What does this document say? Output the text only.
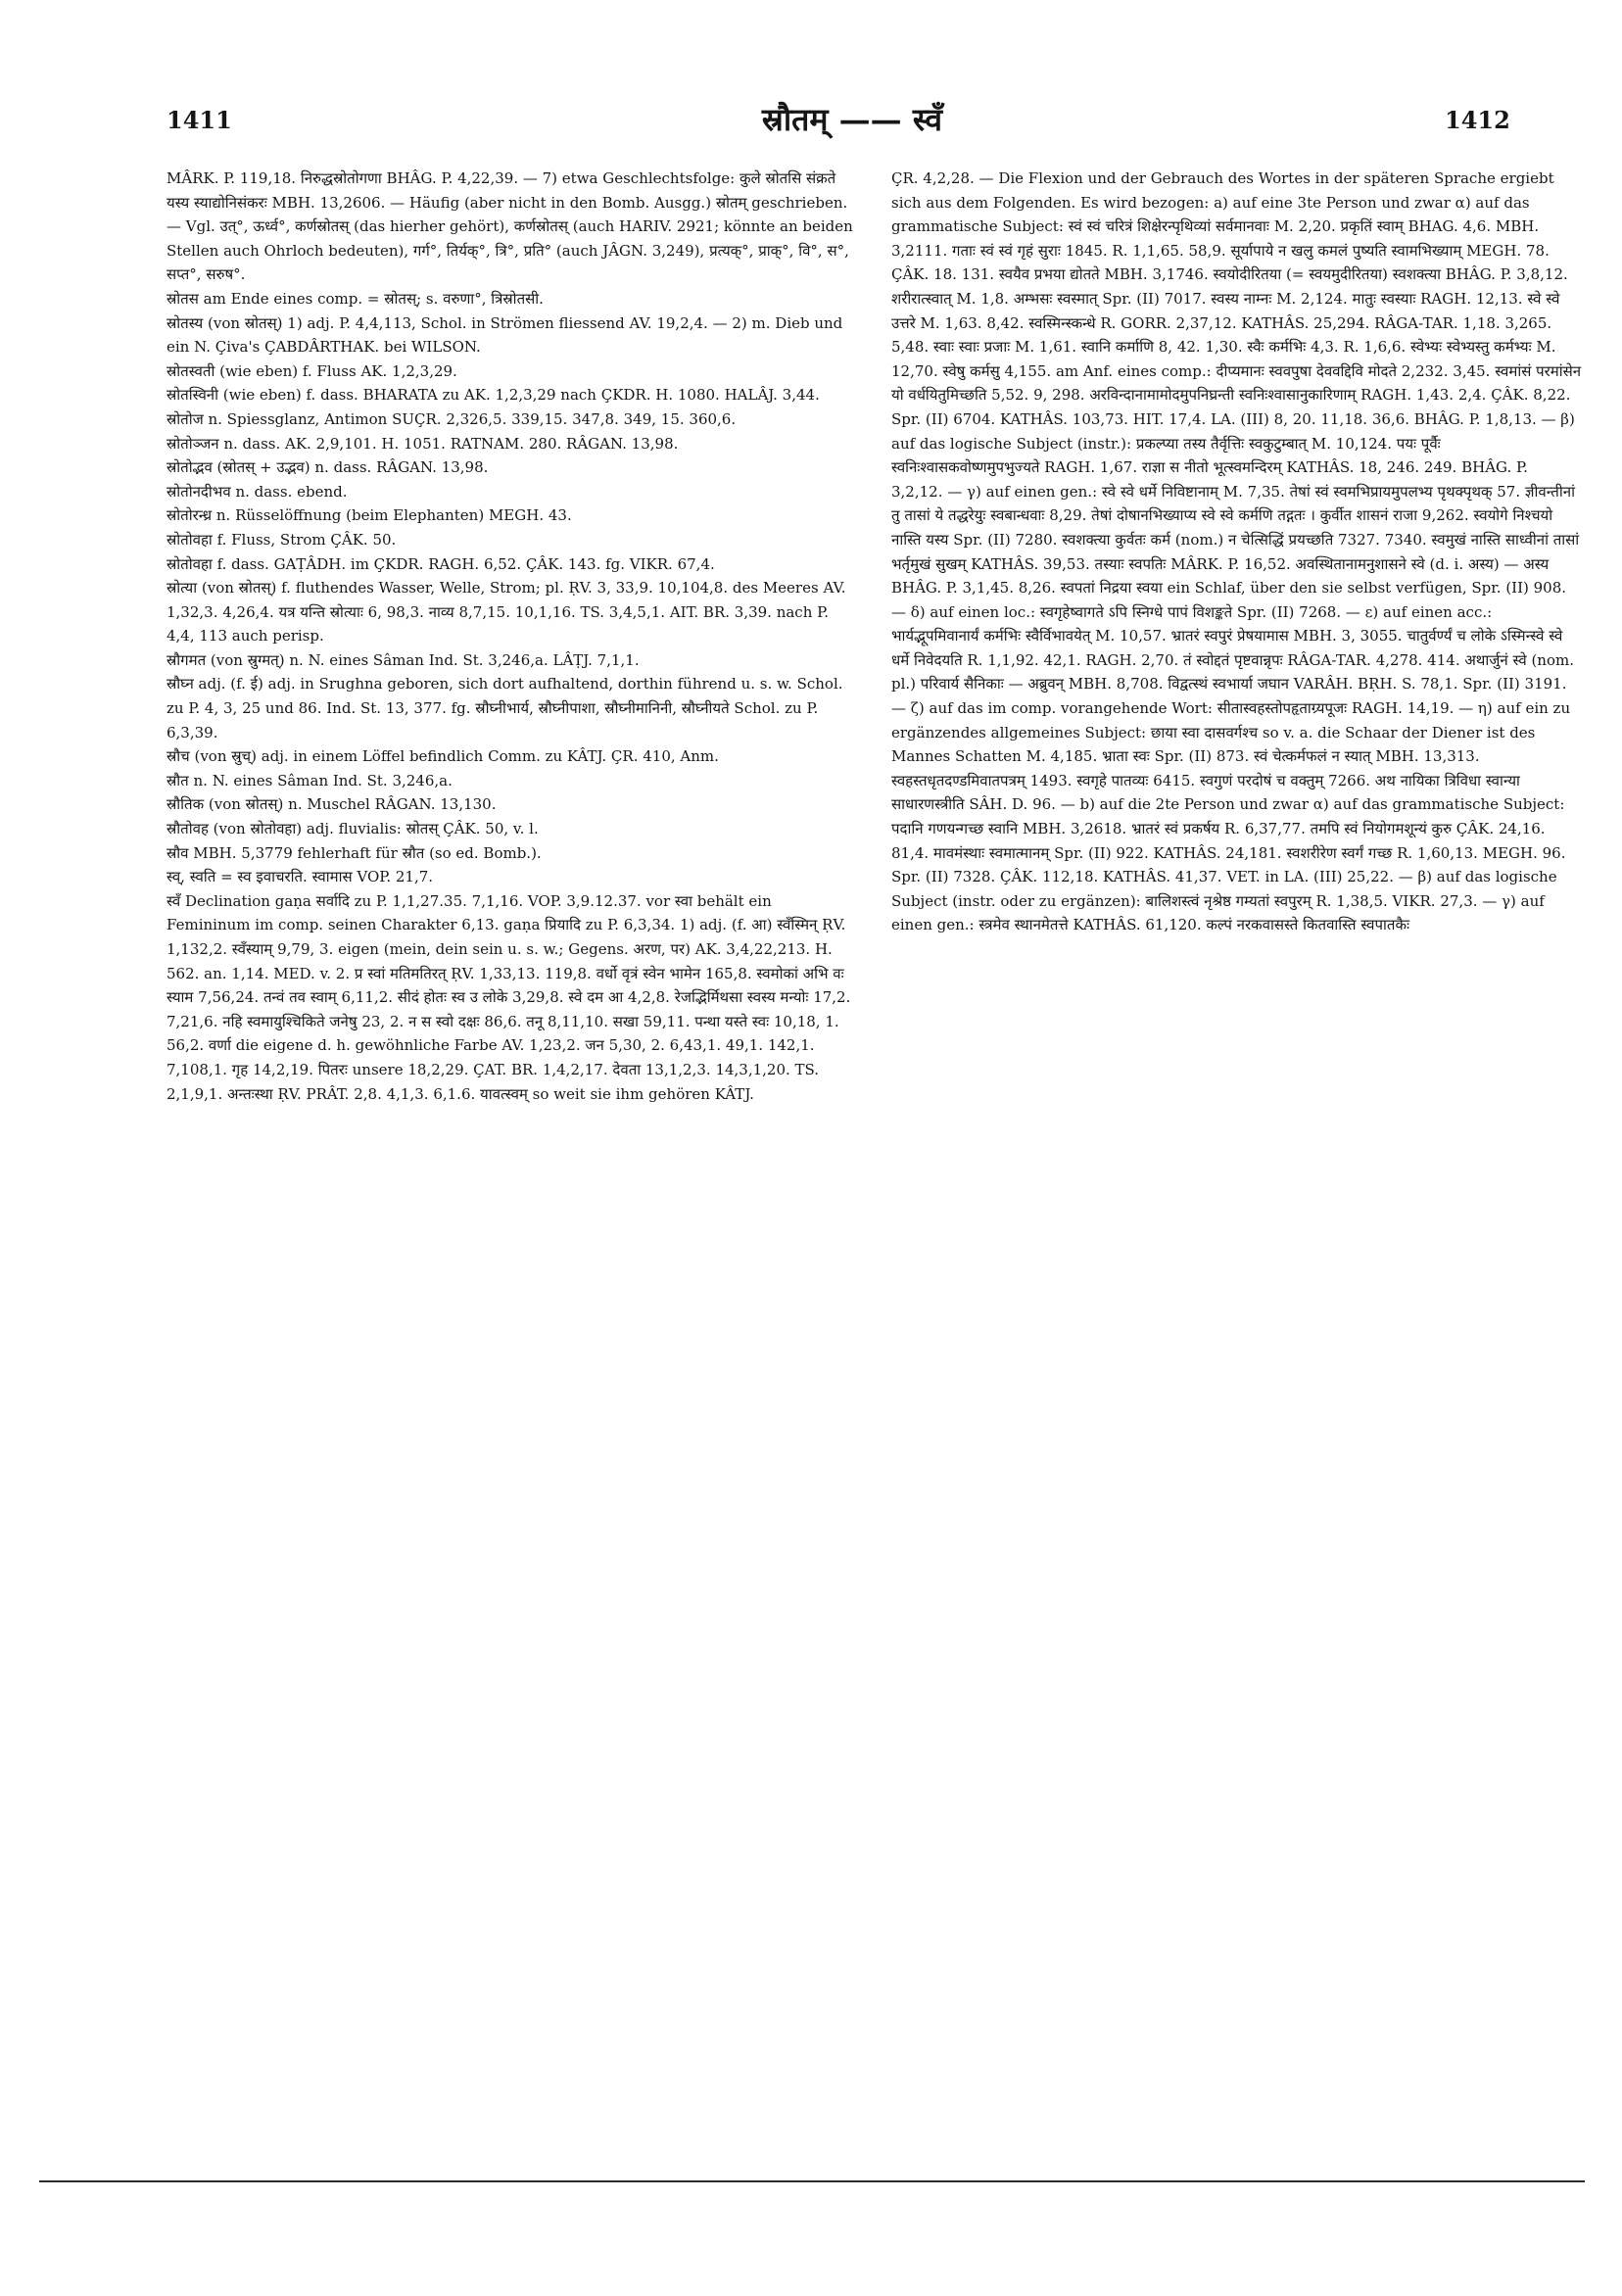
1411	स्रौतम् —— स्वँ	1412

MÂRK. P. 119,18. निरुद्धस्रोतोगणा BHÂG. P. 4,22,39. — 7) etwa Geschlechtsfolge: कुले स्रोतसि संक्रते यस्य स्याद्योनिसंकरः MBH. 13,2606. — Häufig (aber nicht in den Bomb. Ausgg.) स्रोतम् geschrieben. — Vgl. उत्°, ऊर्ध्व°, कर्णस्रोतस् (das hierher gehört), कर्णस्रोतस् (auch HARIV. 2921; könnte an beiden Stellen auch Ohrloch bedeuten), गर्ग°, तिर्यक्°, त्रि°, प्रति° (auch JÂGN. 3,249), प्रत्यक्°, प्राक्°, वि°, स°, सप्त°, सरुष°.

स्रोतस am Ende eines comp. = स्रोतस्; s. वरुणा°, त्रिस्रोतसी.

स्रोतस्य (von स्रोतस्) 1) adj. P. 4,4,113, Schol. in Strömen fliessend AV. 19,2,4. — 2) m. Dieb und ein N. Çiva's ÇABDÂRTHAK. bei WILSON.

स्रोतस्वती (wie eben) f. Fluss AK. 1,2,3,29.

स्रोतस्विनी (wie eben) f. dass. BHARATA zu AK. 1,2,3,29 nach ÇKDR. H. 1080. HALÂJ. 3,44.

स्रोतोज n. Spiessglanz, Antimon SUÇR. 2,326,5. 339,15. 347,8. 349, 15. 360,6.

स्रोतोञ्जन n. dass. AK. 2,9,101. H. 1051. RATNAM. 280. RÂGAN. 13,98.

स्रोतोद्भव (स्रोतस् + उद्भव) n. dass. RÂGAN. 13,98.

स्रोतोनदीभव n. dass. ebend.

स्रोतोरन्ध्र n. Rüsselöffnung (beim Elephanten) MEGH. 43.

स्रोतोवहा f. Fluss, Strom ÇÂK. 50.

स्रोतोवहा f. dass. GAṬÂDH. im ÇKDR. RAGH. 6,52. ÇÂK. 143. fg. VIKR. 67,4.

स्रोत्या (von स्रोतस्) f. fluthendes Wasser, Welle, Strom; pl. ṚV. 3, 33,9. 10,104,8. des Meeres AV. 1,32,3. 4,26,4. यत्र यन्ति स्रोत्याः 6, 98,3. नाव्य 8,7,15. 10,1,16. TS. 3,4,5,1. AIT. BR. 3,39. nach P. 4,4, 113 auch perisp.

स्रौगमत (von स्रुग्मत्) n. N. eines Sâman Ind. St. 3,246,a. LÂṬJ. 7,1,1.

स्रौघ्न adj. (f. ई) adj. in Srughna geboren, sich dort aufhaltend, dorthin führend u. s. w. Schol. zu P. 4, 3, 25 und 86. Ind. St. 13, 377. fg. स्रौघ्नीभार्य, स्रौघ्नीपाशा, स्रौघ्नीमानिनी, स्रौघ्नीयते Schol. zu P. 6,3,39.

स्रौच (von स्रुच्) adj. in einem Löffel befindlich Comm. zu KÂTJ. ÇR. 410, Anm.

स्रौत n. N. eines Sâman Ind. St. 3,246,a.

स्रौतिक (von स्रोतस्) n. Muschel RÂGAN. 13,130.

स्रौतोवह (von स्रोतोवहा) adj. fluvialis: स्रोतस् ÇÂK. 50, v. l.

स्रौव MBH. 5,3779 fehlerhaft für स्रौत (so ed. Bomb.).

स्व्, स्वति = स्व इवाचरति. स्वामास VOP. 21,7.

स्वँ Declination gaṇa सर्वादि zu P. 1,1,27.35. 7,1,16. VOP. 3,9.12.37. vor स्वा behält ein Femininum im comp. seinen Charakter 6,13. gaṇa प्रियादि zu P. 6,3,34. 1) adj. (f. आ) स्वँस्मिन् ṚV. 1,132,2. स्वँस्याम् 9,79, 3. eigen (mein, dein sein u. s. w.; Gegens. अरण, पर) AK. 3,4,22,213. H. 562. an. 1,14. MED. v. 2. प्र स्वां मतिमतिरत् ṚV. 1,33,13. 119,8. वर्धो वृत्रं स्वेन भामेन 165,8. स्वमोकां अभि वः स्याम 7,56,24. तन्वं तव स्वाम् 6,11,2. सीदं होतः स्व उ लोके 3,29,8. स्वे दम आ 4,2,8. रेजद्भिर्मिथसा स्वस्य मन्योः 17,2. 7,21,6. नहि स्वमायुश्चिकिते जनेषु 23, 2. न स स्वो दक्षः 86,6. तनू 8,11,10. सखा 59,11. पन्था यस्ते स्वः 10,18, 1. 56,2. वर्णा die eigene d. h. gewöhnliche Farbe AV. 1,23,2. जन 5,30, 2. 6,43,1. 49,1. 142,1. 7,108,1. गृह 14,2,19. पितरः unsere 18,2,29. ÇAT. BR. 1,4,2,17. देवता 13,1,2,3. 14,3,1,20. TS. 2,1,9,1. अन्तःस्था ṚV. PRÂT. 2,8. 4,1,3. 6,1.6. यावत्स्वम् so weit sie ihm gehören KÂTJ.

ÇR. 4,2,28. — Die Flexion und der Gebrauch des Wortes in der späteren Sprache ergiebt sich aus dem Folgenden. Es wird bezogen: a) auf eine 3te Person und zwar α) auf das grammatische Subject: स्वं स्वं चरित्रं शिक्षेरन्पृथिव्यां सर्वमानवाः M. 2,20. प्रकृतिं स्वाम् BHAG. 4,6. MBH. 3,2111. गताः स्वं स्वं गृहं सुराः 1845. R. 1,1,65. 58,9. सूर्यापाये न खलु कमलं पुष्यति स्वामभिख्याम् MEGH. 78. ÇÂK. 18. 131. स्वयैव प्रभया द्योतते MBH. 3,1746. स्वयोदीरितया (= स्वयमुदीरितया) स्वशक्त्या BHÂG. P. 3,8,12. शरीरात्स्वात् M. 1,8. अम्भसः स्वस्मात् Spr. (II) 7017. स्वस्य नाम्नः M. 2,124. मातुः स्वस्याः RAGH. 12,13. स्वे स्वे उत्तरे M. 1,63. 8,42. स्वस्मिन्स्कन्धे R. GORR. 2,37,12. KATHÂS. 25,294. RÂGA-TAR. 1,18. 3,265. 5,48. स्वाः स्वाः प्रजाः M. 1,61. स्वानि कर्माणि 8, 42. 1,30. स्वैः कर्मभिः 4,3. R. 1,6,6. स्वेभ्यः स्वेभ्यस्तु कर्मभ्यः M. 12,70. स्वेषु कर्मसु 4,155. am Anf. eines comp.: दीप्यमानः स्ववपुषा देववद्दिवि मोदते 2,232. 3,45. स्वमांसं परमांसेन यो वर्धयितुमिच्छति 5,52. 9, 298. अरविन्दानामामोदमुपनिघ्रन्ती स्वनिःश्वासानुकारिणाम् RAGH. 1,43. 2,4. ÇÂK. 8,22. Spr. (II) 6704. KATHÂS. 103,73. HIT. 17,4. LA. (III) 8, 20. 11,18. 36,6. BHÂG. P. 1,8,13. — β) auf das logische Subject (instr.): प्रकल्प्या तस्य तैर्वृत्तिः स्वकुटुम्बात् M. 10,124. पयः पूर्वैः स्वनिःश्वासकवोष्णमुपभुज्यते RAGH. 1,67. राज्ञा स नीतो भूत्स्वमन्दिरम् KATHÂS. 18, 246. 249. BHÂG. P. 3,2,12. — γ) auf einen gen.: स्वे स्वे धर्मे निविष्टानाम् M. 7,35. तेषां स्वं स्वमभिप्रायमुपलभ्य पृथक्पृथक् 57. ज्ञीवन्तीनां तु तासां ये तद्धरेयुः स्वबान्धवाः 8,29. तेषां दोषानभिख्याप्य स्वे स्वे कर्मणि तद्गतः । कुर्वीत शासनं राजा 9,262. स्वयोगे निश्चयो नास्ति यस्य Spr. (II) 7280. स्वशक्त्या कुर्वतः कर्म (nom.) न चेत्सिद्धिं प्रयच्छति 7327. 7340. स्वमुखं नास्ति साध्वीनां तासां भर्तृमुखं सुखम् KATHÂS. 39,53. तस्याः स्वपतिः MÂRK. P. 16,52. अवस्थितानामनुशासने स्वे (d. i. अस्य) — अस्य BHÂG. P. 3,1,45. 8,26. स्वपतां निद्रया स्वया ein Schlaf, über den sie selbst verfügen, Spr. (II) 908. — δ) auf einen loc.: स्वगृहेष्वागते ऽपि स्निग्धे पापं विशङ्कते Spr. (II) 7268. — ε) auf einen acc.: भार्यद्भूपमिवानार्यं कर्मभिः स्वैर्विभावयेत् M. 10,57. भ्रातरं स्वपुरं प्रेषयामास MBH. 3, 3055. चातुर्वर्ण्यं च लोके ऽस्मिन्स्वे स्वे धर्मे निवेदयति R. 1,1,92. 42,1. RAGH. 2,70. तं स्वोद्दतं पृष्टवान्नृपः RÂGA-TAR. 4,278. 414. अथार्जुनं स्वे (nom. pl.) परिवार्य सैनिकाः — अब्रुवन् MBH. 8,708. विद्वत्स्थं स्वभार्या जघान VARÂH. BṚH. S. 78,1. Spr. (II) 3191. — ζ) auf das im comp. vorangehende Wort: सीतास्वहस्तोपहृताग्र्यपूजः RAGH. 14,19. — η) auf ein zu ergänzendes allgemeines Subject: छाया स्वा दासवर्गश्च so v. a. die Schaar der Diener ist des Mannes Schatten M. 4,185. भ्राता स्वः Spr. (II) 873. स्वं चेत्कर्मफलं न स्यात् MBH. 13,313. स्वहस्तधृतदण्डमिवातपत्रम् 1493. स्वगृहे पातव्यः 6415. स्वगुणं परदोषं च वक्तुम् 7266. अथ नायिका त्रिविधा स्वान्या साधारणस्त्रीति SÂH. D. 96. — b) auf die 2te Person und zwar α) auf das grammatische Subject: पदानि गणयन्गच्छ स्वानि MBH. 3,2618. भ्रातरं स्वं प्रकर्षय R. 6,37,77. तमपि स्वं नियोगमशून्यं कुरु ÇÂK. 24,16. 81,4. मावमंस्थाः स्वमात्मानम् Spr. (II) 922. KATHÂS. 24,181. स्वशरीरेण स्वर्गं गच्छ R. 1,60,13. MEGH. 96. Spr. (II) 7328. ÇÂK. 112,18. KATHÂS. 41,37. VET. in LA. (III) 25,22. — β) auf das logische Subject (instr. oder zu ergänzen): बालिशस्त्वं नृश्रेष्ठ गम्यतां स्वपुरम् R. 1,38,5. VIKR. 27,3. — γ) auf einen gen.: स्त्रमेव स्थानमेतत्ते KATHÂS. 61,120. कल्पं नरकवासस्ते कितवास्ति स्वपातकैः
